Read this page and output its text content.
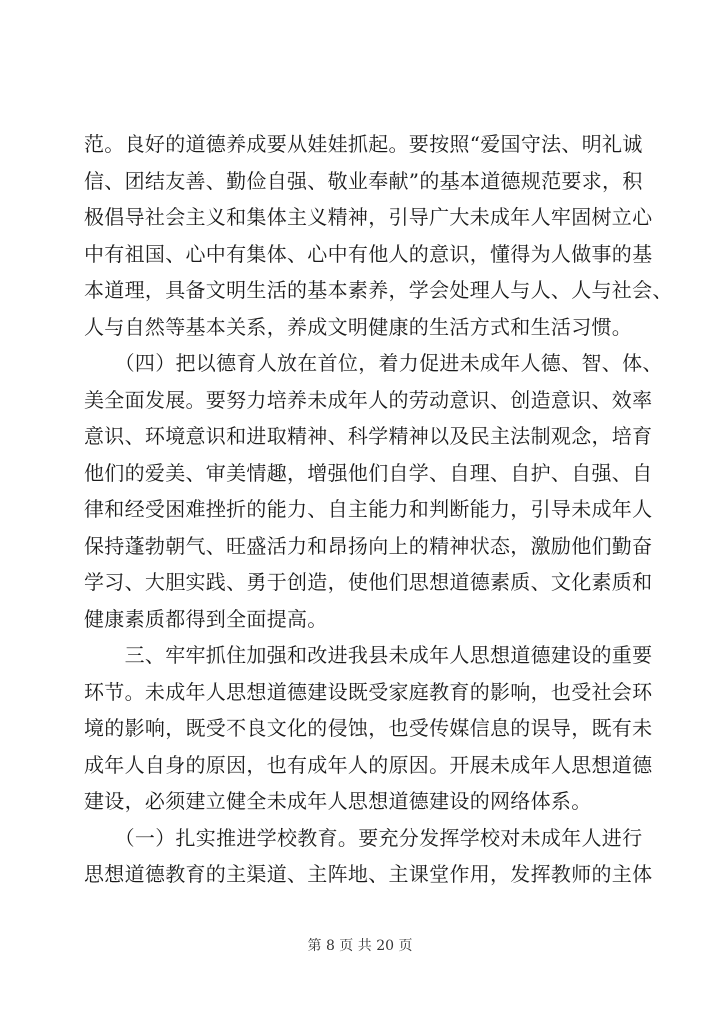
范。良好的道德养成要从娃娃抓起。要按照“爱国守法、明礼诚
信、团结友善、勤俭自强、敬业奉献”的基本道德规范要求，积
极倡导社会主义和集体主义精神，引导广大未成年人牢固树立心
中有祖国、心中有集体、心中有他人的意识，懂得为人做事的基
本道理，具备文明生活的基本素养，学会处理人与人、人与社会、
人与自然等基本关系，养成文明健康的生活方式和生活习惯。
　　（四）把以德育人放在首位，着力促进未成年人德、智、体、
美全面发展。要努力培养未成年人的劳动意识、创造意识、效率
意识、环境意识和进取精神、科学精神以及民主法制观念，培育
他们的爱美、审美情趣，增强他们自学、自理、自护、自强、自
律和经受困难挫折的能力、自主能力和判断能力，引导未成年人
保持蓬勃朝气、旺盛活力和昂扬向上的精神状态，激励他们勤奋
学习、大胆实践、勇于创造，使他们思想道德素质、文化素质和
健康素质都得到全面提高。
　　三、牢牢抓住加强和改进我县未成年人思想道德建设的重要
环节。未成年人思想道德建设既受家庭教育的影响，也受社会环
境的影响，既受不良文化的侵蚀，也受传媒信息的误导，既有未
成年人自身的原因，也有成年人的原因。开展未成年人思想道德
建设，必须建立健全未成年人思想道德建设的网络体系。
　　（一）扎实推进学校教育。要充分发挥学校对未成年人进行
思想道德教育的主渠道、主阵地、主课堂作用，发挥教师的主体
第 8 页 共 20 页
